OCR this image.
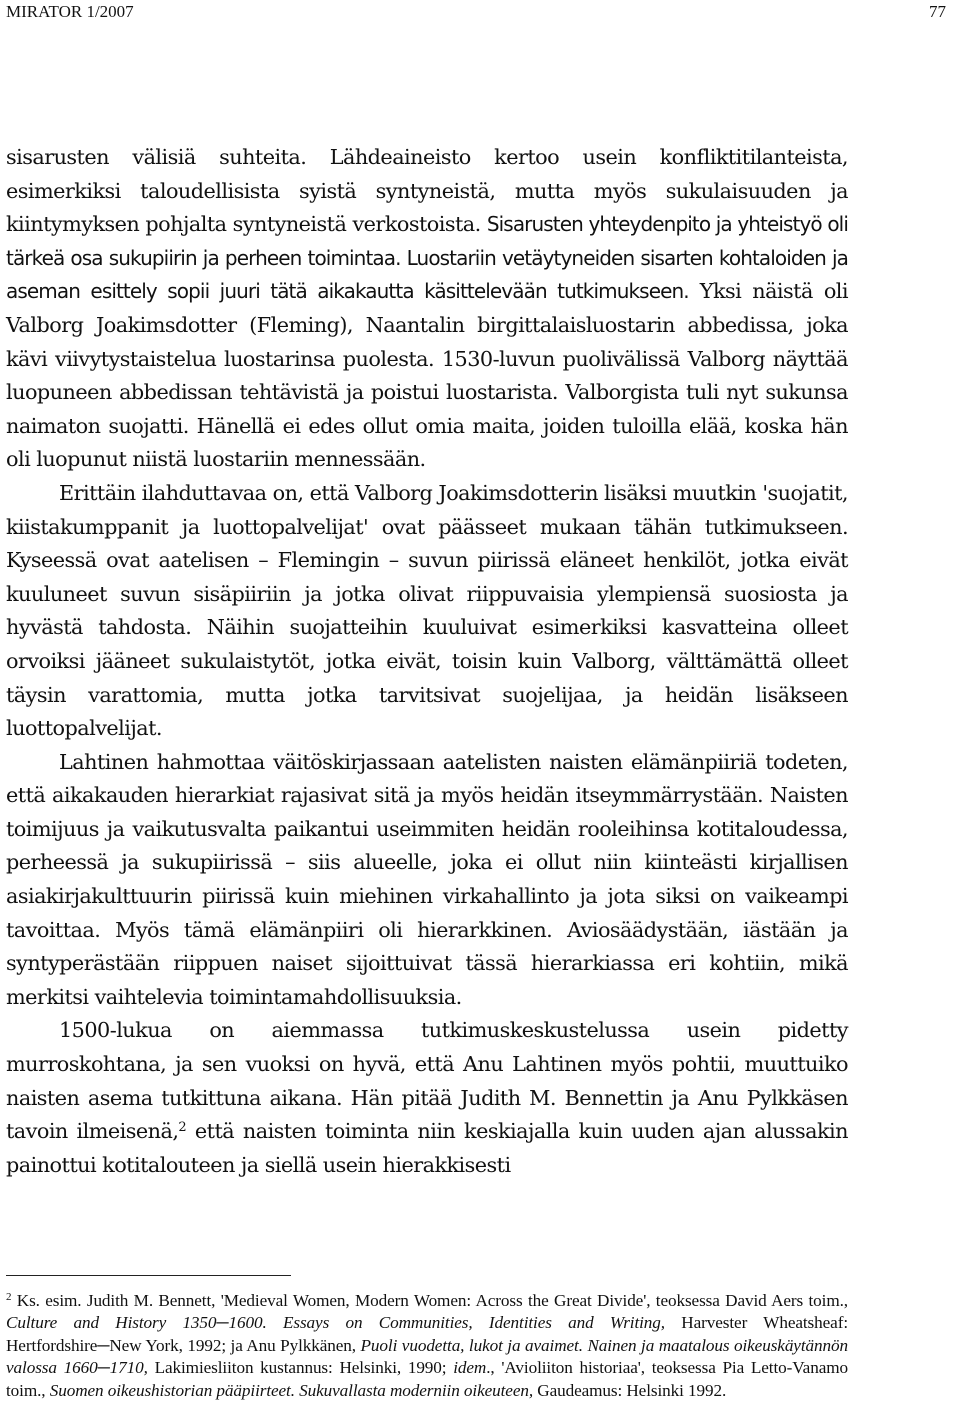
MIRATOR 1/2007	77

sisarusten välisiä suhteita. Lähdeaineisto kertoo usein konfliktitilanteista, esimerkiksi taloudellisista syistä syntyneistä, mutta myös sukulaisuuden ja kiintymyksen pohjalta syntyneistä verkostoista. Sisarusten yhteydenpito ja yhteistyö oli tärkeä osa sukupiirin ja perheen toimintaa. Luostariin vetäytyneiden sisarten kohtaloiden ja aseman esittely sopii juuri tätä aikakautta käsittelevään tutkimukseen. Yksi näistä oli Valborg Joakimsdotter (Fleming), Naantalin birgittalaisluostarin abbedissa, joka kävi viivytystaistelua luostarinsa puolesta. 1530-luvun puolivälissä Valborg näyttää luopuneen abbedissan tehtävistä ja poistui luostarista. Valborgista tuli nyt sukunsa naimaton suojatti. Hänellä ei edes ollut omia maita, joiden tuloilla elää, koska hän oli luopunut niistä luostariin mennessään.

Erittäin ilahduttavaa on, että Valborg Joakimsdotterin lisäksi muutkin 'suojatit, kiistakumppanit ja luottopalvelijat' ovat päässeet mukaan tähän tutkimukseen. Kyseessä ovat aatelisen – Flemingin – suvun piirissä eläneet henkilöt, jotka eivät kuuluneet suvun sisäpiiriin ja jotka olivat riippuvaisia ylempiensä suosiosta ja hyvästä tahdosta. Näihin suojatteihin kuuluivat esimerkiksi kasvatteina olleet orvoiksi jääneet sukulaistytöt, jotka eivät, toisin kuin Valborg, välttämättä olleet täysin varattomia, mutta jotka tarvitsivat suojelijaa, ja heidän lisäkseen luottopalvelijat.

Lahtinen hahmottaa väitöskirjassaan aatelisten naisten elämänpiiriä todeten, että aikakauden hierarkiat rajasivat sitä ja myös heidän itseymmärrystään. Naisten toimijuus ja vaikutusvalta paikantui useimmiten heidän rooleihinsa kotitaloudessa, perheessä ja sukupiirissä – siis alueelle, joka ei ollut niin kiinteästi kirjallisen asiakirjakulttuurin piirissä kuin miehinen virkahallinto ja jota siksi on vaikeampi tavoittaa. Myös tämä elämänpiiri oli hierarkkinen. Aviosäädystään, iästään ja syntyperästään riippuen naiset sijoittuivat tässä hierarkiassa eri kohtiin, mikä merkitsi vaihtelevia toimintamahdollisuuksia.

1500-lukua on aiemmassa tutkimuskeskustelussa usein pidetty murroskohtana, ja sen vuoksi on hyvä, että Anu Lahtinen myös pohtii, muuttuiko naisten asema tutkittuna aikana. Hän pitää Judith M. Bennettin ja Anu Pylkkäsen tavoin ilmeisenä,$^2$ että naisten toiminta niin keskiajalla kuin uuden ajan alussakin painottui kotitalouteen ja siellä usein hierakkisesti

$^2$ Ks. esim. Judith M. Bennett, 'Medieval Women, Modern Women: Across the Great Divide', teoksessa David Aers toim., Culture and History 1350─1600. Essays on Communities, Identities and Writing, Harvester Wheatsheaf: Hertfordshire─New York, 1992; ja Anu Pylkkänen, Puoli vuodetta, lukot ja avaimet. Nainen ja maatalous oikeuskäytännön valossa 1660─1710, Lakimiesliiton kustannus: Helsinki, 1990; idem., 'Avioliiton historiaa', teoksessa Pia Letto-Vanamo toim., Suomen oikeushistorian pääpiirteet. Sukuvallasta moderniin oikeuteen, Gaudeamus: Helsinki 1992.
